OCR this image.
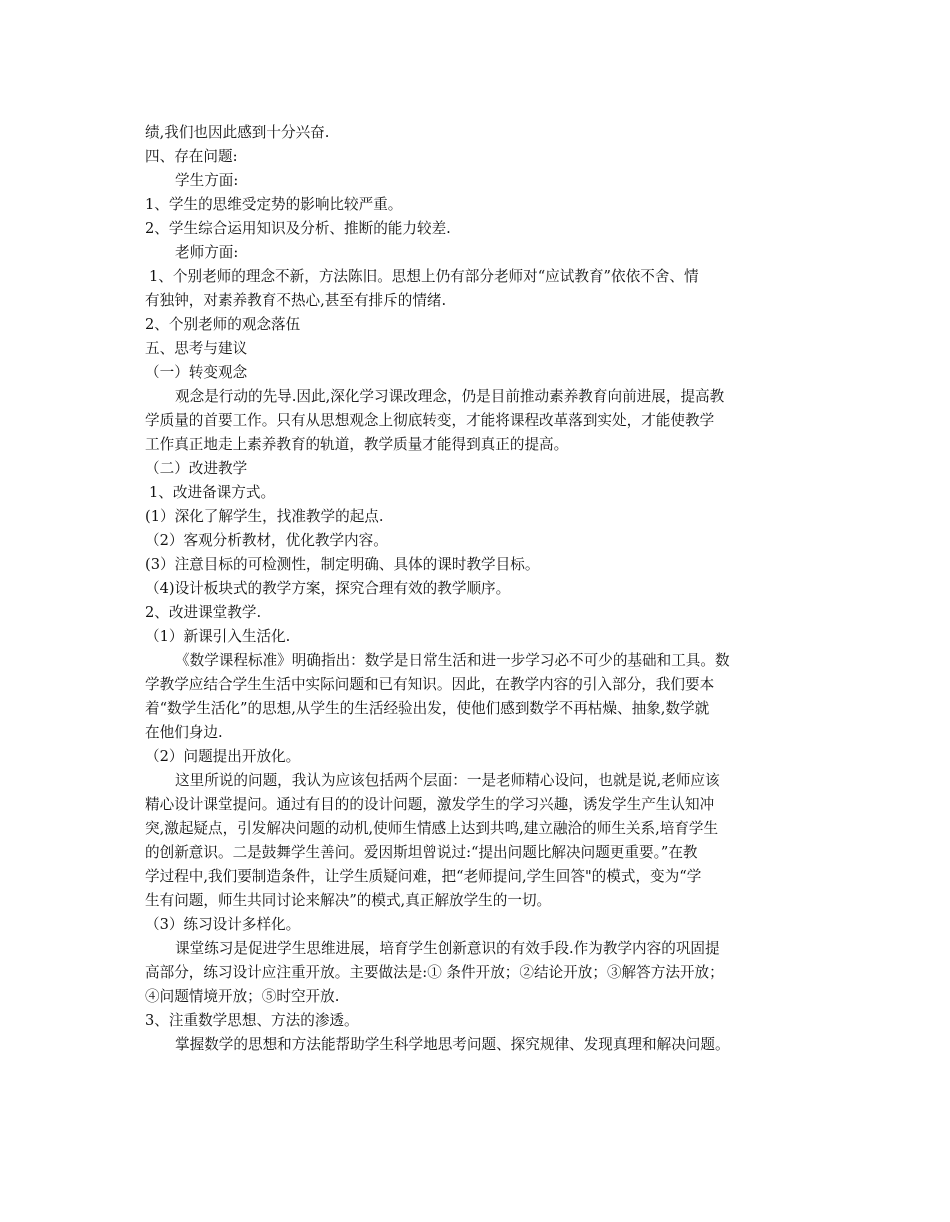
绩,我们也因此感到十分兴奋.
四、存在问题:
学生方面:
1、学生的思维受定势的影响比较严重。
2、学生综合运用知识及分析、推断的能力较差.
老师方面:
1、个别老师的理念不新，方法陈旧。思想上仍有部分老师对“应试教育”依依不舍、情
有独钟，对素养教育不热心,甚至有排斥的情绪.
2、个别老师的观念落伍
五、思考与建议
（一）转变观念
观念是行动的先导.因此,深化学习课改理念，仍是目前推动素养教育向前进展，提高教
学质量的首要工作。只有从思想观念上彻底转变，才能将课程改革落到实处，才能使教学
工作真正地走上素养教育的轨道，教学质量才能得到真正的提高。
（二）改进教学
1、改进备课方式。
(1）深化了解学生，找准教学的起点.
（2）客观分析教材，优化教学内容。
(3）注意目标的可检测性，制定明确、具体的课时教学目标。
（4)设计板块式的教学方案，探究合理有效的教学顺序。
2、改进课堂教学.
（1）新课引入生活化.
《数学课程标准》明确指出：数学是日常生活和进一步学习必不可少的基础和工具。数
学教学应结合学生生活中实际问题和已有知识。因此，在教学内容的引入部分，我们要本
着“数学生活化”的思想,从学生的生活经验出发，使他们感到数学不再枯燥、抽象,数学就
在他们身边.
（2）问题提出开放化。
这里所说的问题，我认为应该包括两个层面：一是老师精心设问，也就是说,老师应该
精心设计课堂提问。通过有目的的设计问题，激发学生的学习兴趣，诱发学生产生认知冲
突,激起疑点，引发解决问题的动机,使师生情感上达到共鸣,建立融洽的师生关系,培育学生
的创新意识。二是鼓舞学生善问。爱因斯坦曾说过:“提出问题比解决问题更重要。”在教
学过程中,我们要制造条件，让学生质疑问难，把“老师提问,学生回答"的模式，变为“学
生有问题，师生共同讨论来解决”的模式,真正解放学生的一切。
（3）练习设计多样化。
课堂练习是促进学生思维进展，培育学生创新意识的有效手段.作为教学内容的巩固提
高部分，练习设计应注重开放。主要做法是:① 条件开放；②结论开放；③解答方法开放；
④问题情境开放；⑤时空开放.
3、注重数学思想、方法的渗透。
掌握数学的思想和方法能帮助学生科学地思考问题、探究规律、发现真理和解决问题。
